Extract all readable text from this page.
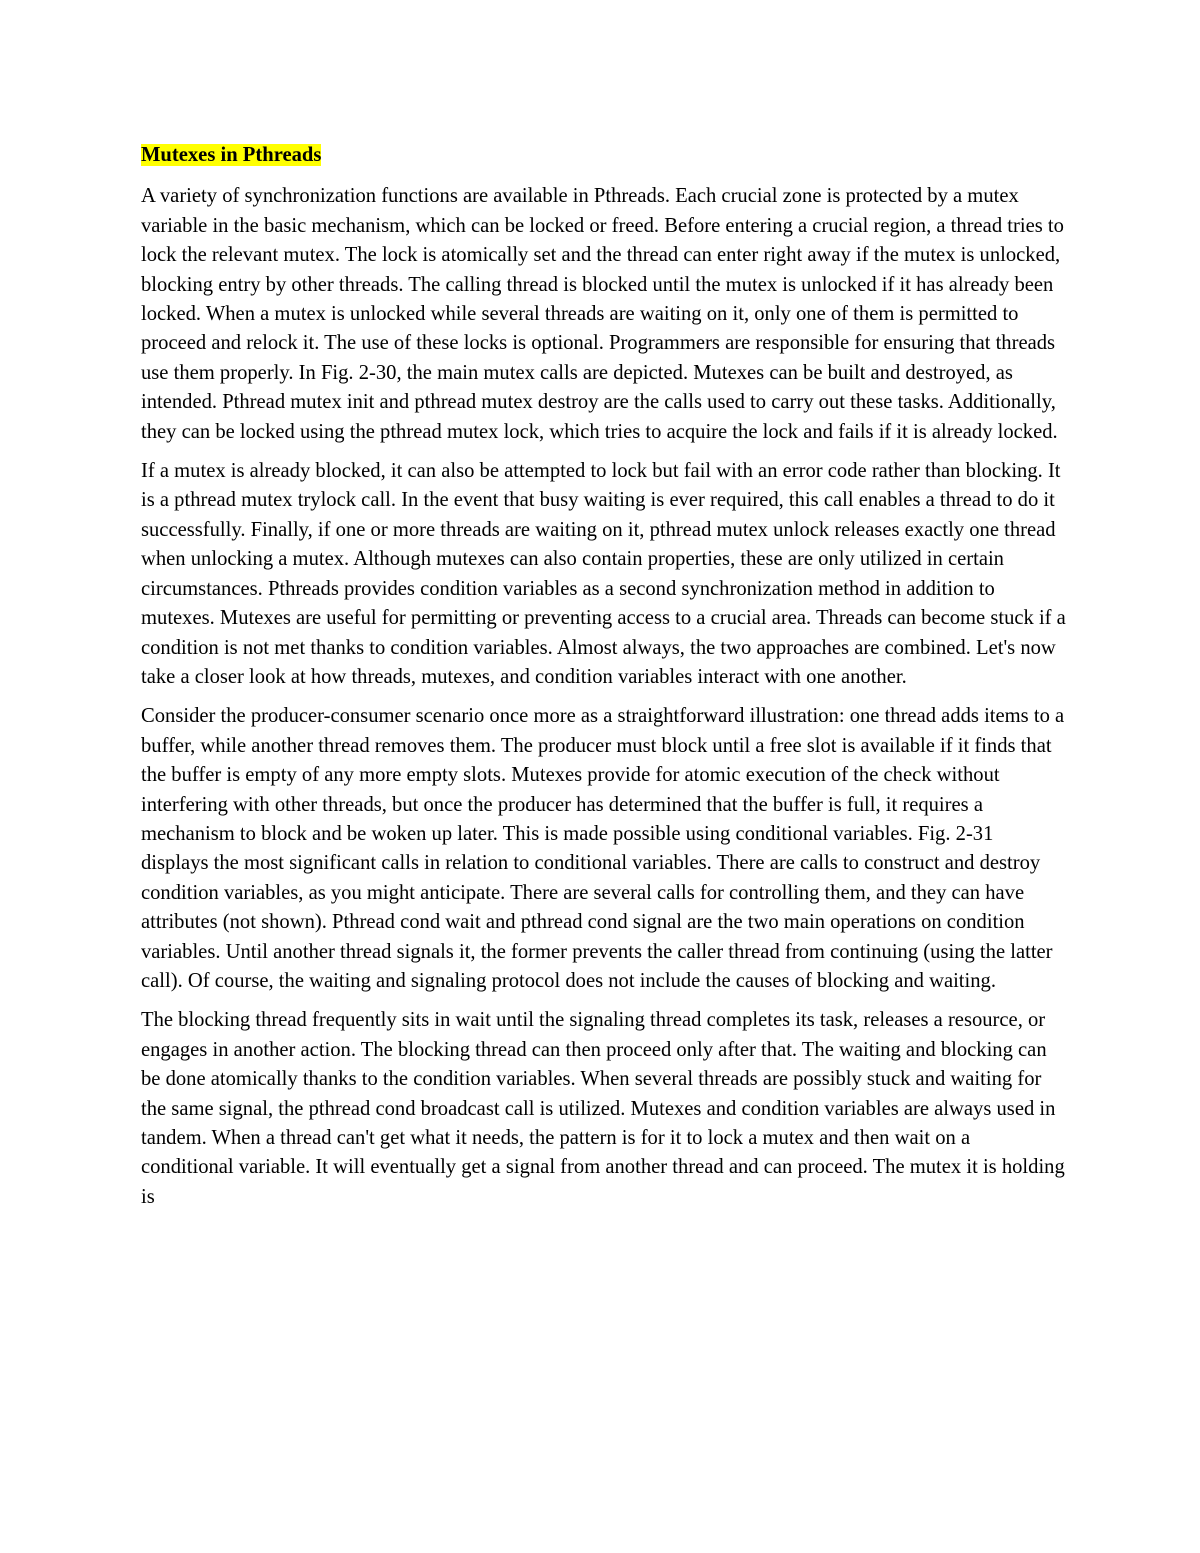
Mutexes in Pthreads

A variety of synchronization functions are available in Pthreads. Each crucial zone is protected by a mutex variable in the basic mechanism, which can be locked or freed. Before entering a crucial region, a thread tries to lock the relevant mutex. The lock is atomically set and the thread can enter right away if the mutex is unlocked, blocking entry by other threads. The calling thread is blocked until the mutex is unlocked if it has already been locked. When a mutex is unlocked while several threads are waiting on it, only one of them is permitted to proceed and relock it. The use of these locks is optional. Programmers are responsible for ensuring that threads use them properly. In Fig. 2-30, the main mutex calls are depicted. Mutexes can be built and destroyed, as intended. Pthread mutex init and pthread mutex destroy are the calls used to carry out these tasks. Additionally, they can be locked using the pthread mutex lock, which tries to acquire the lock and fails if it is already locked.

If a mutex is already blocked, it can also be attempted to lock but fail with an error code rather than blocking. It is a pthread mutex trylock call. In the event that busy waiting is ever required, this call enables a thread to do it successfully. Finally, if one or more threads are waiting on it, pthread mutex unlock releases exactly one thread when unlocking a mutex. Although mutexes can also contain properties, these are only utilized in certain circumstances. Pthreads provides condition variables as a second synchronization method in addition to mutexes. Mutexes are useful for permitting or preventing access to a crucial area. Threads can become stuck if a condition is not met thanks to condition variables. Almost always, the two approaches are combined. Let's now take a closer look at how threads, mutexes, and condition variables interact with one another.

Consider the producer-consumer scenario once more as a straightforward illustration: one thread adds items to a buffer, while another thread removes them. The producer must block until a free slot is available if it finds that the buffer is empty of any more empty slots. Mutexes provide for atomic execution of the check without interfering with other threads, but once the producer has determined that the buffer is full, it requires a mechanism to block and be woken up later. This is made possible using conditional variables. Fig. 2-31 displays the most significant calls in relation to conditional variables. There are calls to construct and destroy condition variables, as you might anticipate. There are several calls for controlling them, and they can have attributes (not shown). Pthread cond wait and pthread cond signal are the two main operations on condition variables. Until another thread signals it, the former prevents the caller thread from continuing (using the latter call). Of course, the waiting and signaling protocol does not include the causes of blocking and waiting.

The blocking thread frequently sits in wait until the signaling thread completes its task, releases a resource, or engages in another action. The blocking thread can then proceed only after that. The waiting and blocking can be done atomically thanks to the condition variables. When several threads are possibly stuck and waiting for the same signal, the pthread cond broadcast call is utilized. Mutexes and condition variables are always used in tandem. When a thread can't get what it needs, the pattern is for it to lock a mutex and then wait on a conditional variable. It will eventually get a signal from another thread and can proceed. The mutex it is holding is
